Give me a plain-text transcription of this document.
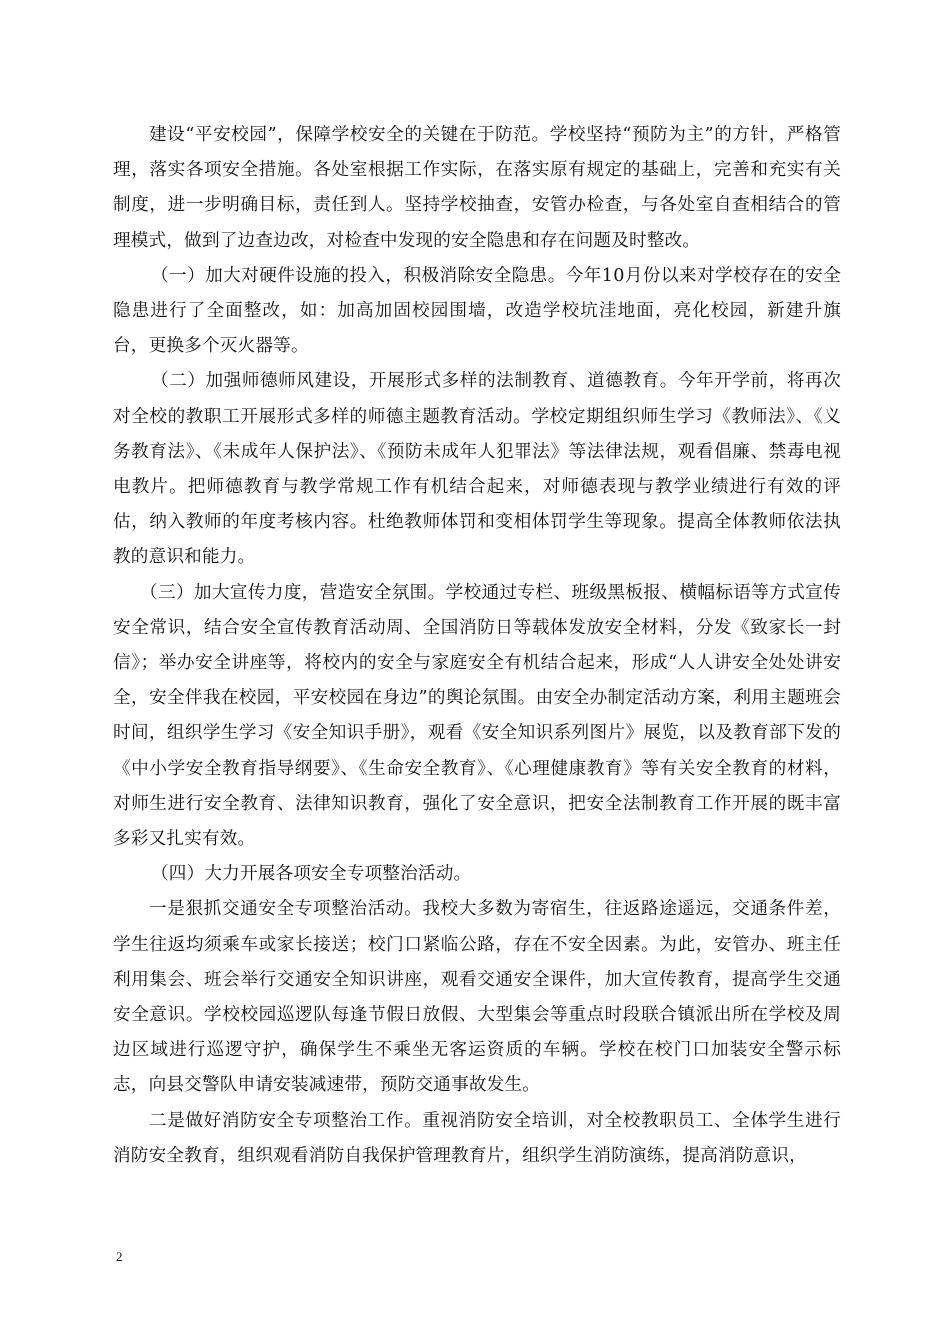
建设“平安校园”，保障学校安全的关键在于防范。学校坚持“预防为主”的方针，严格管理，落实各项安全措施。各处室根据工作实际，在落实原有规定的基础上，完善和充实有关制度，进一步明确目标，责任到人。坚持学校抽查，安管办检查，与各处室自查相结合的管理模式，做到了边查边改，对检查中发现的安全隐患和存在问题及时整改。

（一）加大对硬件设施的投入，积极消除安全隐患。今年10月份以来对学校存在的安全隐患进行了全面整改，如：加高加固校园围墙，改造学校坑洼地面，亮化校园，新建升旗台，更换多个灭火器等。

（二）加强师德师风建设，开展形式多样的法制教育、道德教育。今年开学前，将再次对全校的教职工开展形式多样的师德主题教育活动。学校定期组织师生学习《教师法》、《义务教育法》、《未成年人保护法》、《预防未成年人犯罪法》等法律法规，观看倡廉、禁毒电视电教片。把师德教育与教学常规工作有机结合起来，对师德表现与教学业绩进行有效的评估，纳入教师的年度考核内容。杜绝教师体罚和变相体罚学生等现象。提高全体教师依法执教的意识和能力。

（三）加大宣传力度，营造安全氛围。学校通过专栏、班级黑板报、横幅标语等方式宣传安全常识，结合安全宣传教育活动周、全国消防日等载体发放安全材料，分发《致家长一封信》；举办安全讲座等，将校内的安全与家庭安全有机结合起来，形成“人人讲安全处处讲安全，安全伴我在校园，平安校园在身边”的舆论氛围。由安全办制定活动方案，利用主题班会时间，组织学生学习《安全知识手册》，观看《安全知识系列图片》展览，以及教育部下发的《中小学安全教育指导纲要》、《生命安全教育》、《心理健康教育》等有关安全教育的材料，对师生进行安全教育、法律知识教育，强化了安全意识，把安全法制教育工作开展的既丰富多彩又扎实有效。

（四）大力开展各项安全专项整治活动。

一是狠抓交通安全专项整治活动。我校大多数为寄宿生，往返路途遥远，交通条件差，学生往返均须乘车或家长接送；校门口紧临公路，存在不安全因素。为此，安管办、班主任利用集会、班会举行交通安全知识讲座，观看交通安全课件，加大宣传教育，提高学生交通安全意识。学校校园巡逻队每逢节假日放假、大型集会等重点时段联合镇派出所在学校及周边区域进行巡逻守护，确保学生不乘坐无客运资质的车辆。学校在校门口加装安全警示标志，向县交警队申请安装减速带，预防交通事故发生。

二是做好消防安全专项整治工作。重视消防安全培训，对全校教职员工、全体学生进行消防安全教育，组织观看消防自我保护管理教育片，组织学生消防演练，提高消防意识，

2
